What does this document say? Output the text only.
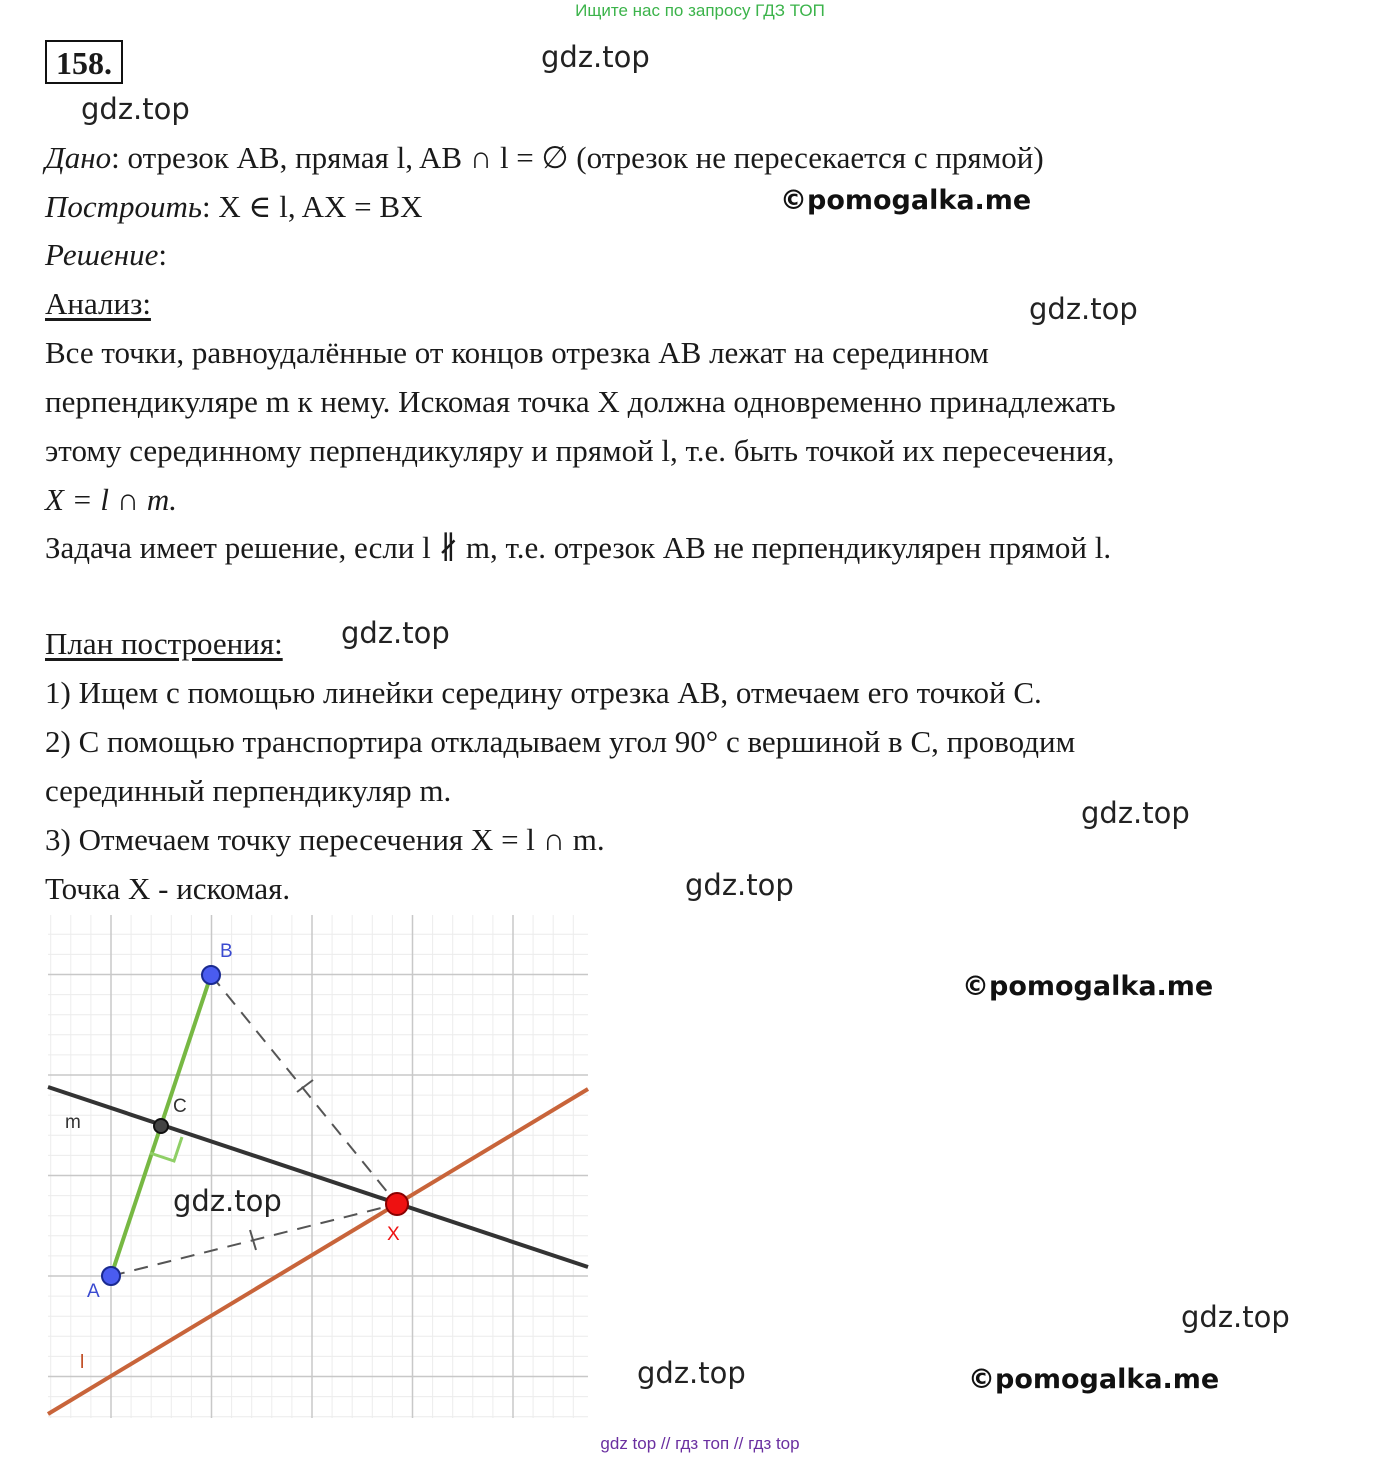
Ищите нас по запросу ГДЗ ТОП
158.
Дано: отрезок AB, прямая l, AB ∩ l = ∅ (отрезок не пересекается с прямой)
Построить: X ∈ l, AX = BX
Решение:
Анализ:
Все точки, равноудалённые от концов отрезка AB лежат на серединном
перпендикуляре m к нему. Искомая точка X должна одновременно принадлежать
этому серединному перпендикуляру и прямой l, т.е. быть точкой их пересечения,
X = l ∩ m.
Задача имеет решение, если l ∦ m, т.е. отрезок AB не перпендикулярен прямой l.
План построения:
1) Ищем с помощью линейки середину отрезка AB, отмечаем его точкой C.
2) С помощью транспортира откладываем угол 90° с вершиной в C, проводим
серединный перпендикуляр m.
3) Отмечаем точку пересечения X = l ∩ m.
Точка X - искомая.
B
A
C
X
m
l
gdz.top
gdz.top
©pomogalka.me
gdz.top
gdz.top
gdz.top
gdz.top
©pomogalka.me
gdz.top
gdz.top
gdz.top	©pomogalka.me
gdz top // гдз топ // гдз top
